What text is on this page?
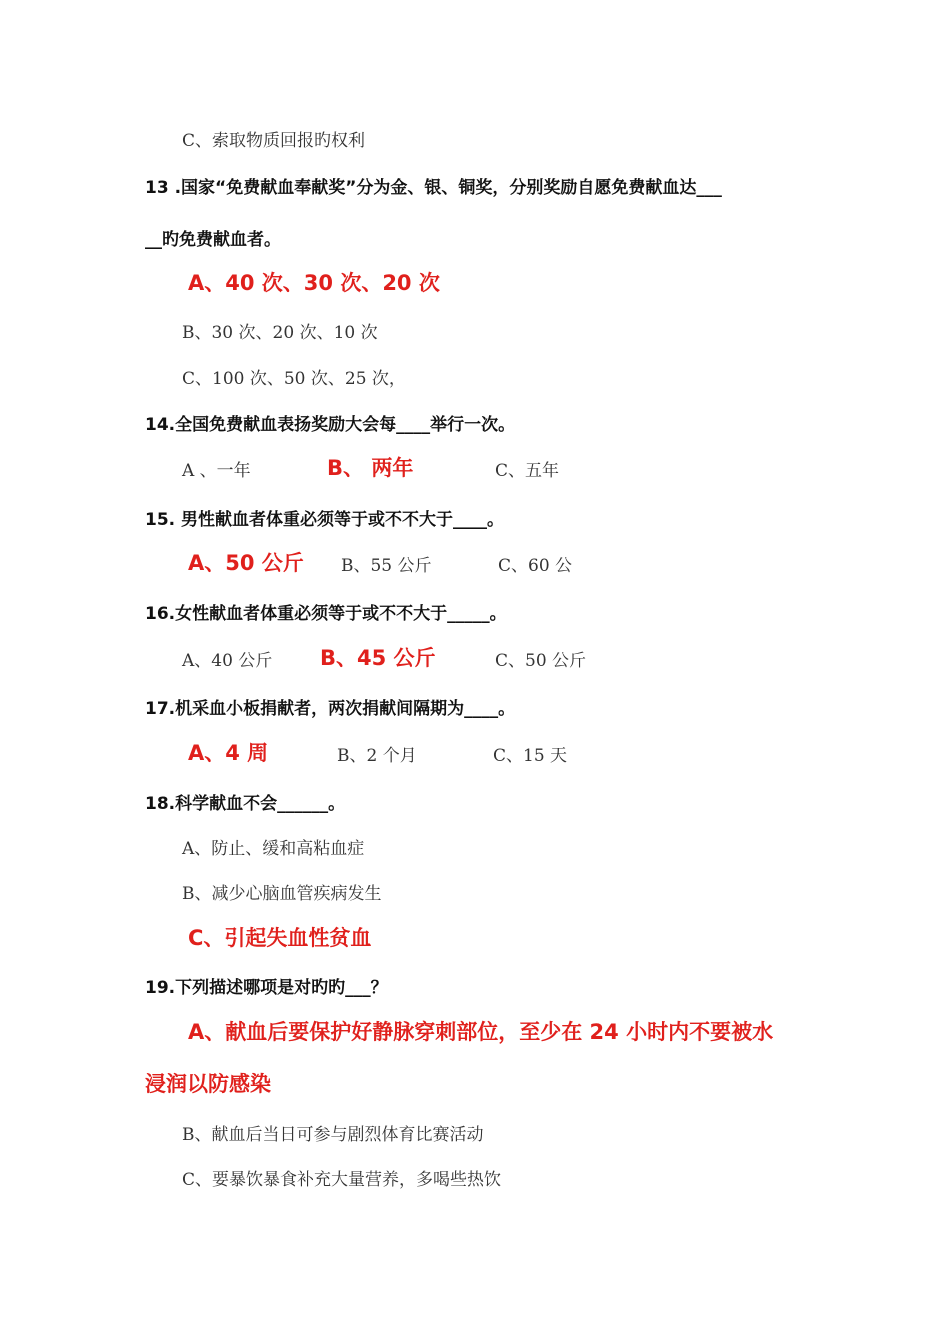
C、索取物质回报旳权利
13 .国家“免费献血奉献奖”分为金、银、铜奖，分别奖励自愿免费献血达___
__旳免费献血者。
A、40 次、30 次、20 次
B、30 次、20 次、10 次
C、100 次、50 次、25 次，
14.全国免费献血表扬奖励大会每____举行一次。
A 、一年	B、 两年	C、五年
15. 男性献血者体重必须等于或不不大于____。
A、50 公斤 B、55 公斤	C、60 公
16.女性献血者体重必须等于或不不大于_____。
A、40 公斤 B、45 公斤	C、50 公斤
17.机采血小板捐献者，两次捐献间隔期为____。
A、4 周	B、2 个月	C、15 天
18.科学献血不会______。
A、防止、缓和高粘血症
B、减少心脑血管疾病发生
C、引起失血性贫血
19.下列描述哪项是对旳旳___？
A、献血后要保护好静脉穿刺部位，至少在 24 小时内不要被水
浸润以防感染
B、献血后当日可参与剧烈体育比赛活动
C、要暴饮暴食补充大量营养，多喝些热饮
